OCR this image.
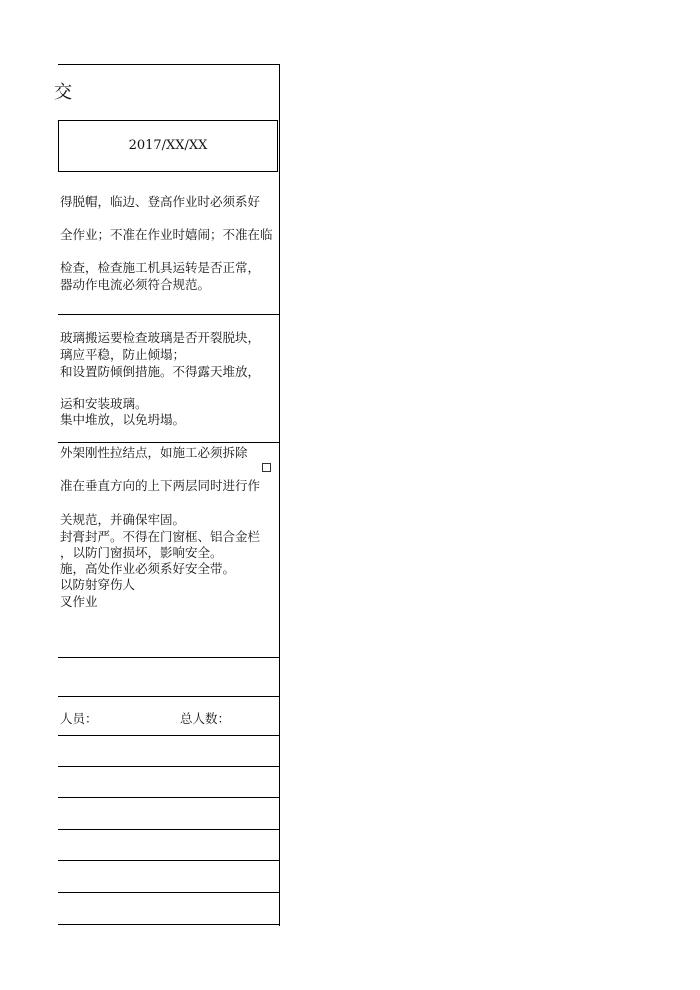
交
2017/XX/XX
得脱帽，临边、登高作业时必须系好
全作业；不准在作业时嬉闹；不准在临
检查，检查施工机具运转是否正常，
器动作电流必须符合规范。
玻璃搬运要检查玻璃是否开裂脱块，
璃应平稳，防止倾塌；
和设置防倾倒措施。不得露天堆放，
运和安装玻璃。
集中堆放，以免坍塌。
外架刚性拉结点，如施工必须拆除
准在垂直方向的上下两层同时进行作
关规范，并确保牢固。
封膏封严。不得在门窗框、铝合金栏
，以防门窗损坏，影响安全。
施，高处作业必须系好安全带。
以防射穿伤人
叉作业
人员：	总人数：
